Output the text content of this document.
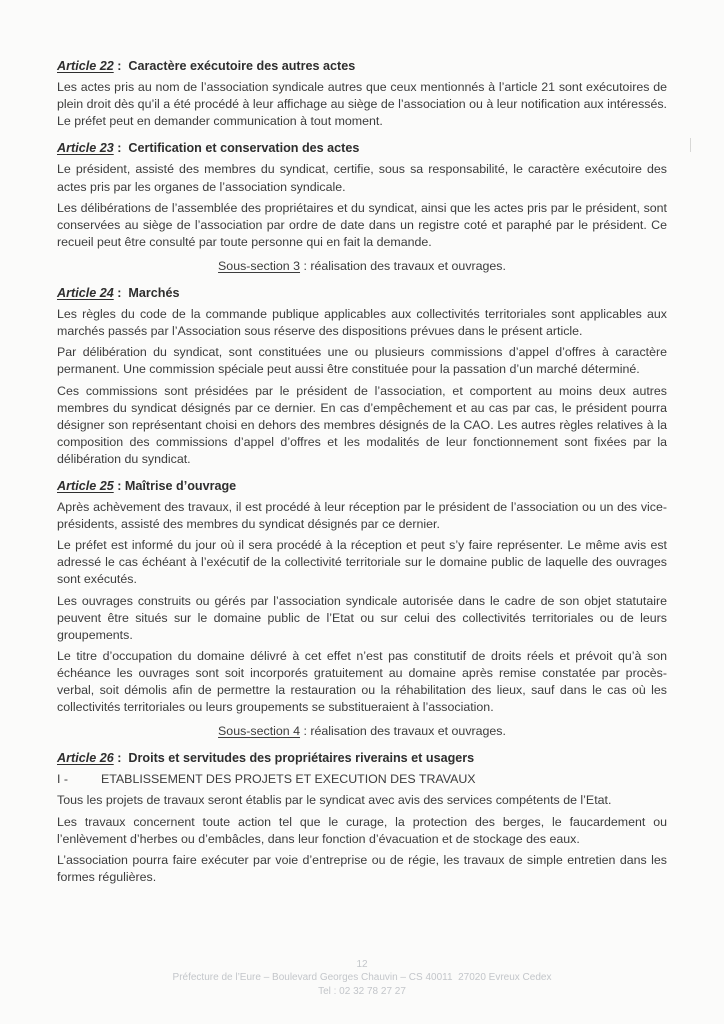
Article 22 :  Caractère exécutoire des autres actes

Les actes pris au nom de l’association syndicale autres que ceux mentionnés à l’article 21 sont exécutoires de plein droit dès qu’il a été procédé à leur affichage au siège de l’association ou à leur notification aux intéressés. Le préfet peut en demander communication à tout moment.

Article 23 :  Certification et conservation des actes

Le président, assisté des membres du syndicat, certifie, sous sa responsabilité, le caractère exécutoire des actes pris par les organes de l’association syndicale.

Les délibérations de l’assemblée des propriétaires et du syndicat, ainsi que les actes pris par le président, sont conservées au siège de l’association par ordre de date dans un registre coté et paraphé par le président. Ce recueil peut être consulté par toute personne qui en fait la demande.

Sous-section 3 : réalisation des travaux et ouvrages.
Article 24 :  Marchés

Les règles du code de la commande publique applicables aux collectivités territoriales sont applicables aux marchés passés par l’Association sous réserve des dispositions prévues dans le présent article.

Par délibération du syndicat, sont constituées une ou plusieurs commissions d’appel d’offres à caractère permanent. Une commission spéciale peut aussi être constituée pour la passation d’un marché déterminé.

Ces commissions sont présidées par le président de l’association, et comportent au moins deux autres membres du syndicat désignés par ce dernier. En cas d’empêchement et au cas par cas, le président pourra désigner son représentant choisi en dehors des membres désignés de la CAO. Les autres règles relatives à la composition des commissions d’appel d’offres et les modalités de leur fonctionnement sont fixées par la délibération du syndicat.

Article 25 : Maîtrise d’ouvrage

Après achèvement des travaux, il est procédé à leur réception par le président de l’association ou un des vice-présidents, assisté des membres du syndicat désignés par ce dernier.

Le préfet est informé du jour où il sera procédé à la réception et peut s’y faire représenter. Le même avis est adressé le cas échéant à l’exécutif de la collectivité territoriale sur le domaine public de laquelle des ouvrages sont exécutés.

Les ouvrages construits ou gérés par l’association syndicale autorisée dans le cadre de son objet statutaire peuvent être situés sur le domaine public de l’Etat ou sur celui des collectivités territoriales ou de leurs groupements.

Le titre d’occupation du domaine délivré à cet effet n’est pas constitutif de droits réels et prévoit qu’à son échéance les ouvrages sont soit incorporés gratuitement au domaine après remise constatée par procès-verbal, soit démolis afin de permettre la restauration ou la réhabilitation des lieux, sauf dans le cas où les collectivités territoriales ou leurs groupements se substitueraient à l’association.

Sous-section 4 : réalisation des travaux et ouvrages.
Article 26 :  Droits et servitudes des propriétaires riverains et usagers
I -	ETABLISSEMENT DES PROJETS ET EXECUTION DES TRAVAUX

Tous les projets de travaux seront établis par le syndicat avec avis des services compétents de l’Etat.

Les travaux concernent toute action tel que le curage, la protection des berges, le faucardement ou l’enlèvement d’herbes ou d’embâcles, dans leur fonction d’évacuation et de stockage des eaux.

L’association pourra faire exécuter par voie d’entreprise ou de régie, les travaux de simple entretien dans les formes régulières.

12
Préfecture de l’Eure – Boulevard Georges Chauvin – CS 40011  27020 Evreux Cedex
Tel : 02 32 78 27 27
